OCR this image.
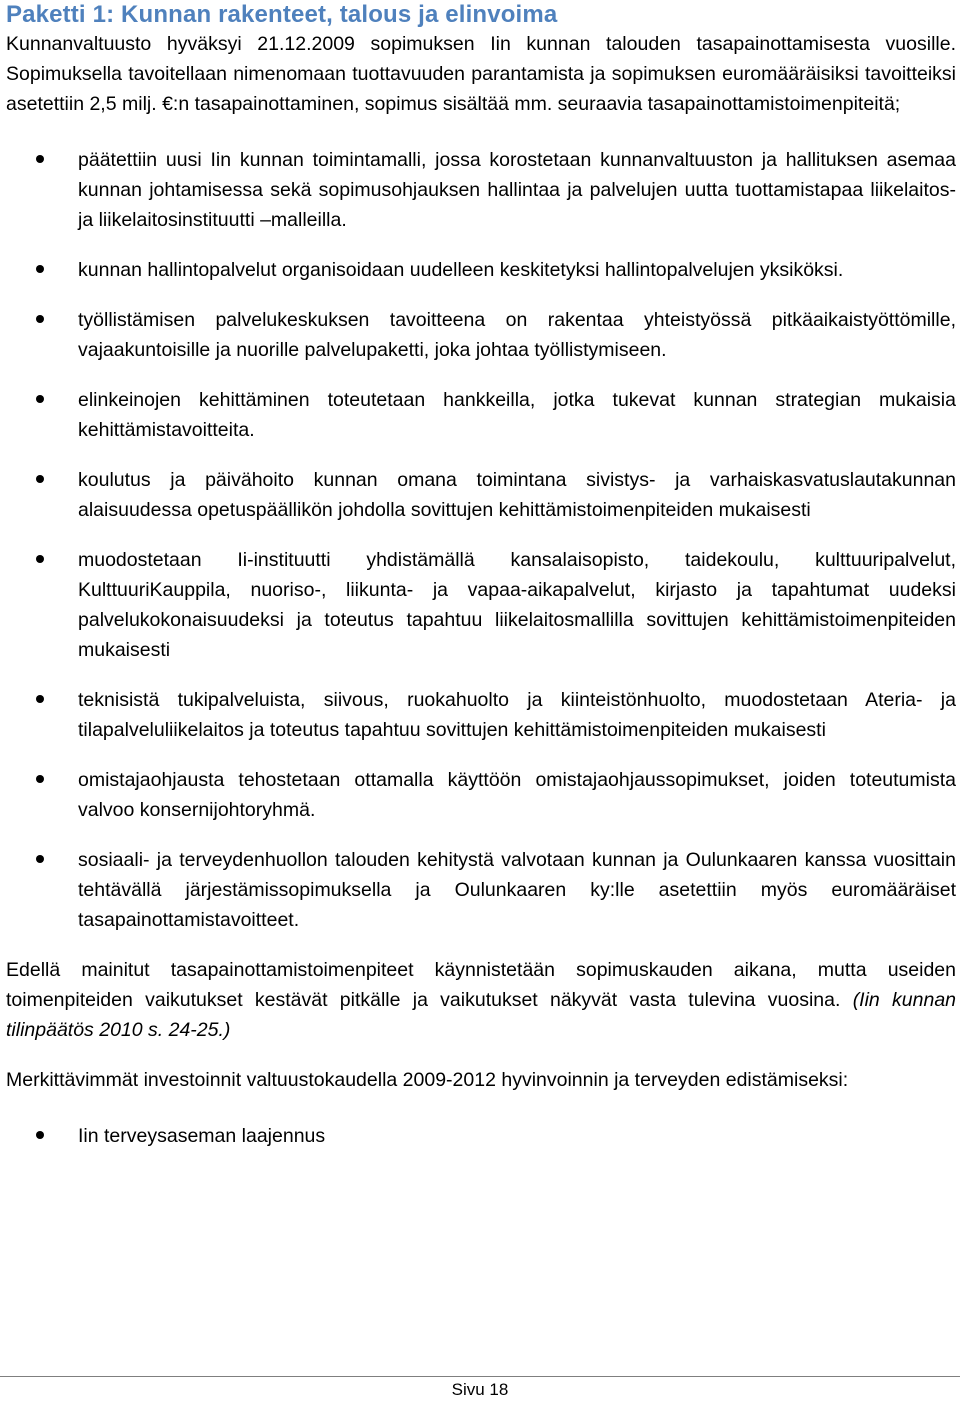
Paketti 1: Kunnan rakenteet, talous ja elinvoima

Kunnanvaltuusto hyväksyi 21.12.2009 sopimuksen Iin kunnan talouden tasapainottamisesta vuosille. Sopimuksella tavoitellaan nimenomaan tuottavuuden parantamista ja sopimuksen euromääräisiksi tavoitteiksi asetettiin 2,5 milj. €:n tasapainottaminen, sopimus sisältää mm. seuraavia tasapainottamistoimenpiteitä;

päätettiin uusi Iin kunnan toimintamalli, jossa korostetaan kunnanvaltuuston ja hallituksen asemaa kunnan johtamisessa sekä sopimusohjauksen hallintaa ja palvelujen uutta tuottamistapaa liikelaitos- ja liikelaitosinstituutti –malleilla.
kunnan hallintopalvelut organisoidaan uudelleen keskitetyksi hallintopalvelujen yksiköksi.
työllistämisen palvelukeskuksen tavoitteena on rakentaa yhteistyössä pitkäaikaistyöttömille, vajaakuntoisille ja nuorille palvelupaketti, joka johtaa työllistymiseen.
elinkeinojen kehittäminen toteutetaan hankkeilla, jotka tukevat kunnan strategian mukaisia kehittämistavoitteita.
koulutus ja päivähoito kunnan omana toimintana sivistys- ja varhaiskasvatuslautakunnan alaisuudessa opetuspäällikön johdolla sovittujen kehittämistoimenpiteiden mukaisesti
muodostetaan Ii-instituutti yhdistämällä kansalaisopisto, taidekoulu, kulttuuripalvelut, KulttuuriKauppila, nuoriso-, liikunta- ja vapaa-aikapalvelut, kirjasto ja tapahtumat uudeksi palvelukokonaisuudeksi ja toteutus tapahtuu liikelaitosmallilla sovittujen kehittämistoimenpiteiden mukaisesti
teknisistä tukipalveluista, siivous, ruokahuolto ja kiinteistönhuolto, muodostetaan Ateria- ja tilapalveluliikelaitos ja toteutus tapahtuu sovittujen kehittämistoimenpiteiden mukaisesti
omistajaohjausta tehostetaan ottamalla käyttöön omistajaohjaussopimukset, joiden toteutumista valvoo konsernijohtoryhmä.
sosiaali- ja terveydenhuollon talouden kehitystä valvotaan kunnan ja Oulunkaaren kanssa vuosittain tehtävällä järjestämissopimuksella ja Oulunkaaren ky:lle asetettiin myös euromääräiset tasapainottamistavoitteet.

Edellä mainitut tasapainottamistoimenpiteet käynnistetään sopimuskauden aikana, mutta useiden toimenpiteiden vaikutukset kestävät pitkälle ja vaikutukset näkyvät vasta tulevina vuosina. (Iin kunnan tilinpäätös 2010 s. 24-25.)

Merkittävimmät investoinnit valtuustokaudella 2009-2012 hyvinvoinnin ja terveyden edistämiseksi:

Iin terveysaseman laajennus
Sivu 18
